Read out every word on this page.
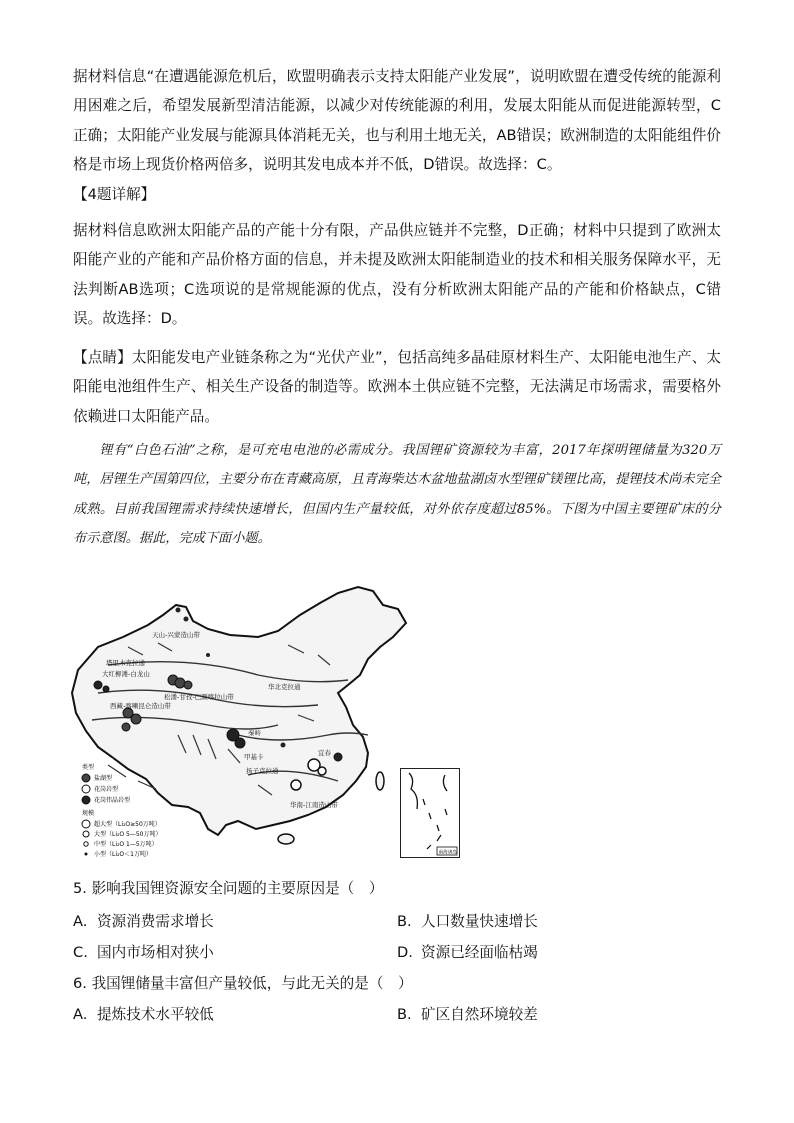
据材料信息“在遭遇能源危机后，欧盟明确表示支持太阳能产业发展”，说明欧盟在遭受传统的能源利用困难之后，希望发展新型清洁能源，以减少对传统能源的利用，发展太阳能从而促进能源转型，C正确；太阳能产业发展与能源具体消耗无关，也与利用土地无关，AB错误；欧洲制造的太阳能组件价格是市场上现货价格两倍多，说明其发电成本并不低，D错误。故选择：C。
【4题详解】
据材料信息欧洲太阳能产品的产能十分有限，产品供应链并不完整，D正确；材料中只提到了欧洲太阳能产业的产能和产品价格方面的信息，并未提及欧洲太阳能制造业的技术和相关服务保障水平，无法判断AB选项；C选项说的是常规能源的优点，没有分析欧洲太阳能产品的产能和价格缺点，C错误。故选择：D。
【点睛】太阳能发电产业链条称之为“光伏产业”，包括高纯多晶硅原材料生产、太阳能电池生产、太阳能电池组件生产、相关生产设备的制造等。欧洲本土供应链不完整，无法满足市场需求，需要格外依赖进口太阳能产品。
锂有“白色石油”之称，是可充电电池的必需成分。我国锂矿资源较为丰富，2017年探明锂储量为320万吨，居锂生产国第四位，主要分布在青藏高原，且青海柴达木盆地盐湖卤水型锂矿镁锂比高，提锂技术尚未完全成熟。目前我国锂需求持续快速增长，但国内生产量较低，对外依存度超过85%。下图为中国主要锂矿床的分布示意图。据此，完成下面小题。
天山-兴蒙造山带
塔里木克拉通
大红柳滩-白龙山
松潘-甘孜-巴颜喀拉山带
西藏-喀喇昆仑造山带
华北克拉通
秦岭
扬子克拉通
甲基卡	宜春
华南-江南造山带
类型
盐湖型
花岗岩型
花岗伟晶岩型
规模
超大型（Li₂O≥50万吨）
大型（Li₂O 5—50万吨）
中型（Li₂O 1—5万吨）
小型（Li₂O＜1万吨）	南海诸岛
5. 影响我国锂资源安全问题的主要原因是（　）
A. 资源消费需求增长	B. 人口数量快速增长
C. 国内市场相对狭小	D. 资源已经面临枯竭
6. 我国锂储量丰富但产量较低，与此无关的是（　）
A. 提炼技术水平较低	B. 矿区自然环境较差
